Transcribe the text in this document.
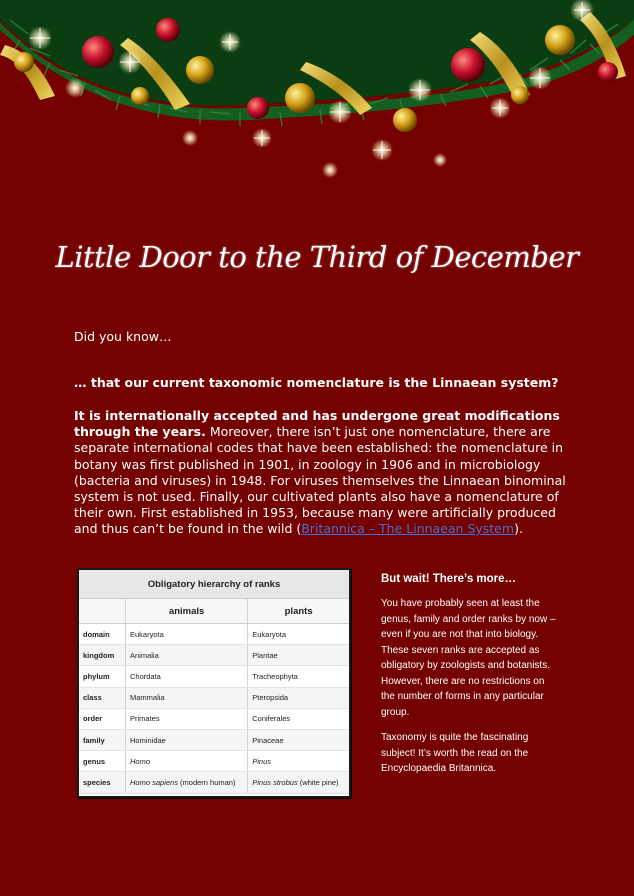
Little Door to the Third of December
Did you know…
… that our current taxonomic nomenclature is the Linnaean system?
It is internationally accepted and has undergone great modifications through the years. Moreover, there isn’t just one nomenclature, there are separate international codes that have been established: the nomenclature in botany was first published in 1901, in zoology in 1906 and in microbiology (bacteria and viruses) in 1948. For viruses themselves the Linnaean binominal system is not used. Finally, our cultivated plants also have a nomenclature of their own. First established in 1953, because many were artificially produced and thus can’t be found in the wild (Britannica – The Linnaean System).
Obligatory hierarchy of ranks		
	animals	plants
domain	Eukaryota	Eukaryota
kingdom	Animalia	Plantae
phylum	Chordata	Tracheophyta
class	Mammalia	Pteropsida
order	Primates	Coniferales
family	Hominidae	Pinaceae
genus	Homo	Pinus
species	Homo sapiens (modern human)	Pinus strobus (white pine)
But wait! There’s more…

You have probably seen at least the genus, family and order ranks by now – even if you are not that into biology. These seven ranks are accepted as obligatory by zoologists and botanists. However, there are no restrictions on the number of forms in any particular group.

Taxonomy is quite the fascinating subject! It’s worth the read on the Encyclopaedia Britannica.
